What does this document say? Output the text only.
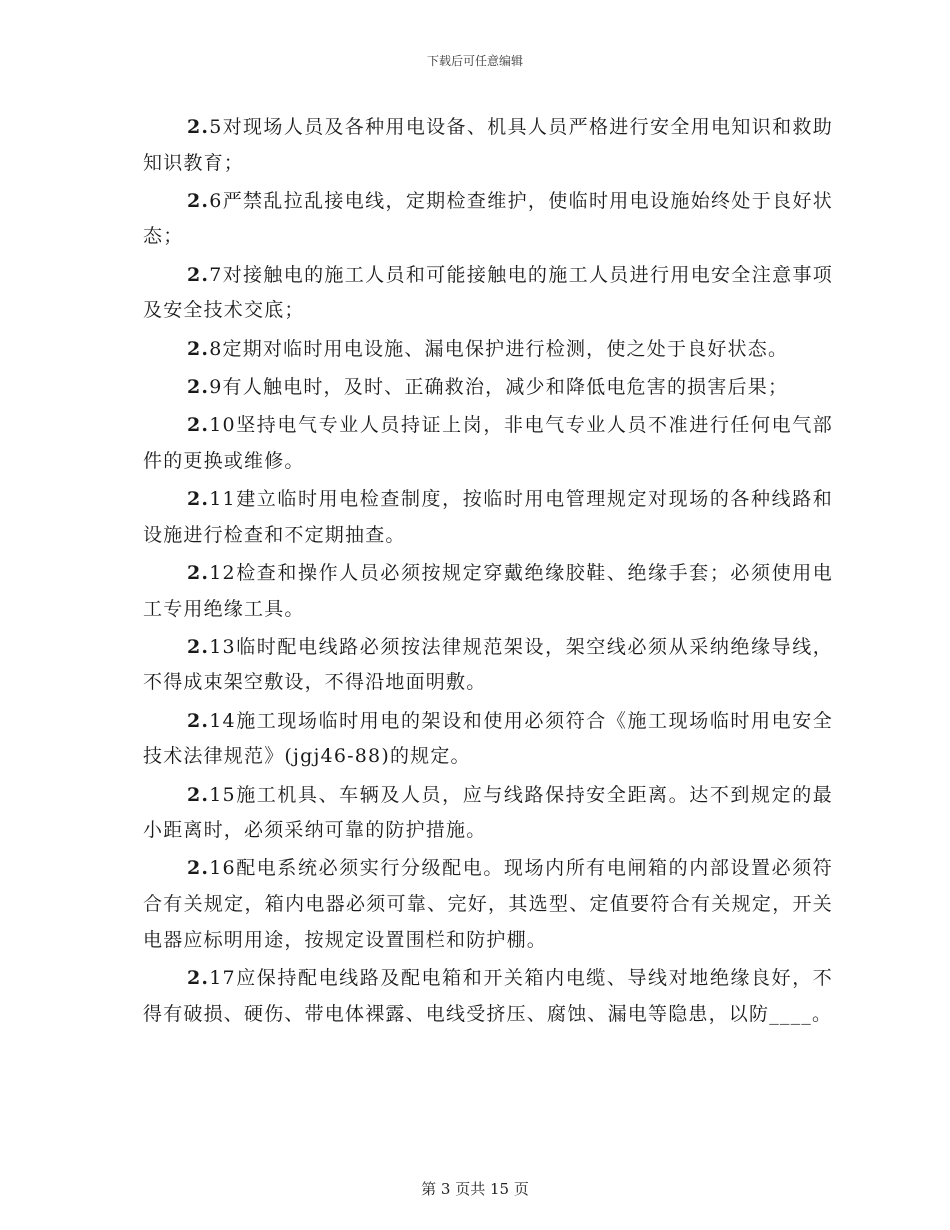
下载后可任意编辑

2.5对现场人员及各种用电设备、机具人员严格进行安全用电知识和救助知识教育；

2.6严禁乱拉乱接电线，定期检查维护，使临时用电设施始终处于良好状态；

2.7对接触电的施工人员和可能接触电的施工人员进行用电安全注意事项及安全技术交底；

2.8定期对临时用电设施、漏电保护进行检测，使之处于良好状态。

2.9有人触电时，及时、正确救治，减少和降低电危害的损害后果；

2.10坚持电气专业人员持证上岗，非电气专业人员不准进行任何电气部件的更换或维修。

2.11建立临时用电检查制度，按临时用电管理规定对现场的各种线路和设施进行检查和不定期抽查。

2.12检查和操作人员必须按规定穿戴绝缘胶鞋、绝缘手套；必须使用电工专用绝缘工具。

2.13临时配电线路必须按法律规范架设，架空线必须从采纳绝缘导线，不得成束架空敷设，不得沿地面明敷。

2.14施工现场临时用电的架设和使用必须符合《施工现场临时用电安全技术法律规范》(jgj46-88)的规定。

2.15施工机具、车辆及人员，应与线路保持安全距离。达不到规定的最小距离时，必须采纳可靠的防护措施。

2.16配电系统必须实行分级配电。现场内所有电闸箱的内部设置必须符合有关规定，箱内电器必须可靠、完好，其选型、定值要符合有关规定，开关电器应标明用途，按规定设置围栏和防护棚。

2.17应保持配电线路及配电箱和开关箱内电缆、导线对地绝缘良好，不得有破损、硬伤、带电体裸露、电线受挤压、腐蚀、漏电等隐患，以防____。

第 3 页共 15 页
